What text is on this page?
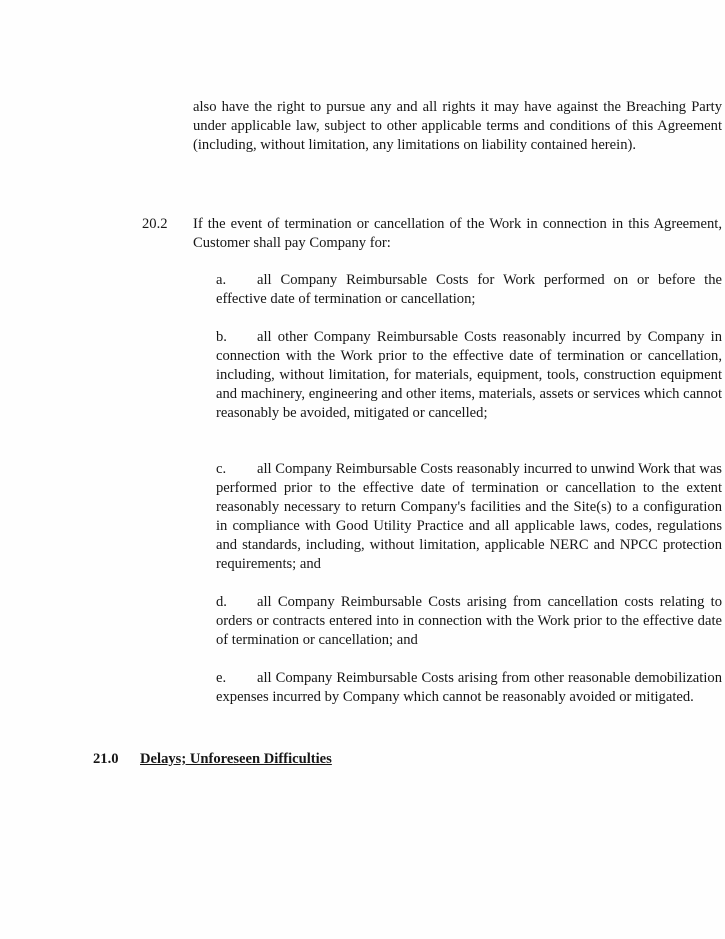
also have the right to pursue any and all rights it may have against the Breaching Party under applicable law, subject to other applicable terms and conditions of this Agreement (including, without limitation, any limitations on liability contained herein).

20.2 If the event of termination or cancellation of the Work in connection in this Agreement, Customer shall pay Company for:

a. all Company Reimbursable Costs for Work performed on or before the effective date of termination or cancellation;

b. all other Company Reimbursable Costs reasonably incurred by Company in connection with the Work prior to the effective date of termination or cancellation, including, without limitation, for materials, equipment, tools, construction equipment and machinery, engineering and other items, materials, assets or services which cannot reasonably be avoided, mitigated or cancelled;

c. all Company Reimbursable Costs reasonably incurred to unwind Work that was performed prior to the effective date of termination or cancellation to the extent reasonably necessary to return Company's facilities and the Site(s) to a configuration in compliance with Good Utility Practice and all applicable laws, codes, regulations and standards, including, without limitation, applicable NERC and NPCC protection requirements; and

d. all Company Reimbursable Costs arising from cancellation costs relating to orders or contracts entered into in connection with the Work prior to the effective date of termination or cancellation; and

e. all Company Reimbursable Costs arising from other reasonable demobilization expenses incurred by Company which cannot be reasonably avoided or mitigated.

21.0 Delays; Unforeseen Difficulties
